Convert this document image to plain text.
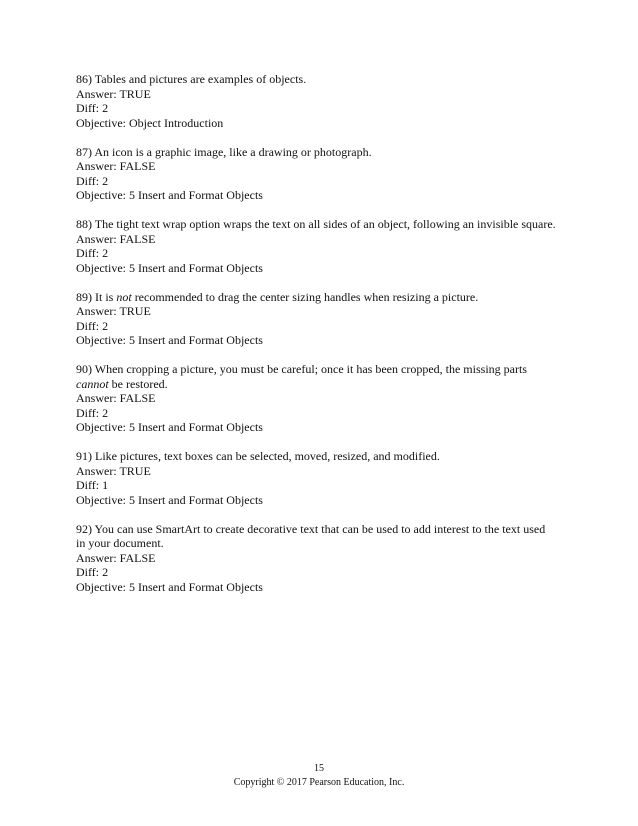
86) Tables and pictures are examples of objects.
Answer: TRUE
Diff: 2
Objective: Object Introduction
87) An icon is a graphic image, like a drawing or photograph.
Answer: FALSE
Diff: 2
Objective: 5 Insert and Format Objects
88) The tight text wrap option wraps the text on all sides of an object, following an invisible square.
Answer: FALSE
Diff: 2
Objective: 5 Insert and Format Objects
89) It is not recommended to drag the center sizing handles when resizing a picture.
Answer: TRUE
Diff: 2
Objective: 5 Insert and Format Objects
90) When cropping a picture, you must be careful; once it has been cropped, the missing parts cannot be restored.
Answer: FALSE
Diff: 2
Objective: 5 Insert and Format Objects
91) Like pictures, text boxes can be selected, moved, resized, and modified.
Answer: TRUE
Diff: 1
Objective: 5 Insert and Format Objects
92) You can use SmartArt to create decorative text that can be used to add interest to the text used in your document.
Answer: FALSE
Diff: 2
Objective: 5 Insert and Format Objects
15
Copyright © 2017 Pearson Education, Inc.
